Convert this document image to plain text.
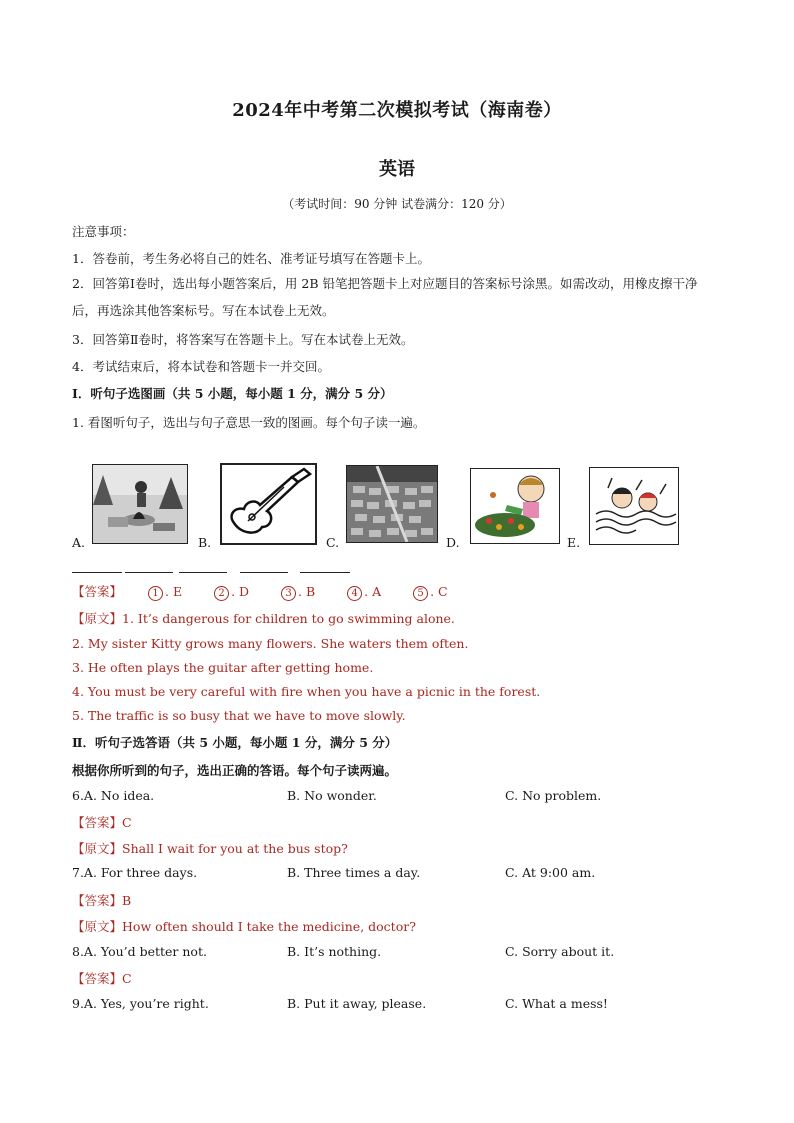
2024年中考第二次模拟考试（海南卷）
英语
（考试时间：90 分钟 试卷满分：120 分）
注意事项：
1．答卷前，考生务必将自己的姓名、准考证号填写在答题卡上。
2．回答第Ⅰ卷时，选出每小题答案后，用 2B 铅笔把答题卡上对应题目的答案标号涂黑。如需改动，用橡皮擦干净后，再选涂其他答案标号。写在本试卷上无效。
3．回答第Ⅱ卷时，将答案写在答题卡上。写在本试卷上无效。
4．考试结束后，将本试卷和答题卡一并交回。
Ⅰ．听句子选图画（共 5 小题，每小题 1 分，满分 5 分）
1. 看图听句子，选出与句子意思一致的图画。每个句子读一遍。
A.	B.	C.	D.	E.
【答案】	1 . E	2 . D	3 . B	4 . A	5 . C
【原文】1. It’s dangerous for children to go swimming alone.
2. My sister Kitty grows many flowers. She waters them often.
3. He often plays the guitar after getting home.
4. You must be very careful with fire when you have a picnic in the forest.
5. The traffic is so busy that we have to move slowly.
Ⅱ．听句子选答语（共 5 小题，每小题 1 分，满分 5 分）
根据你所听到的句子，选出正确的答语。每个句子读两遍。
6.A. No idea.	B. No wonder.	C. No problem.
【答案】C
【原文】Shall I wait for you at the bus stop?
7.A. For three days.	B. Three times a day.	C. At 9:00 am.
【答案】B
【原文】How often should I take the medicine, doctor?
8.A. You’d better not.	B. It’s nothing.	C. Sorry about it.
【答案】C
9.A. Yes, you’re right.	B. Put it away, please.	C. What a mess!
